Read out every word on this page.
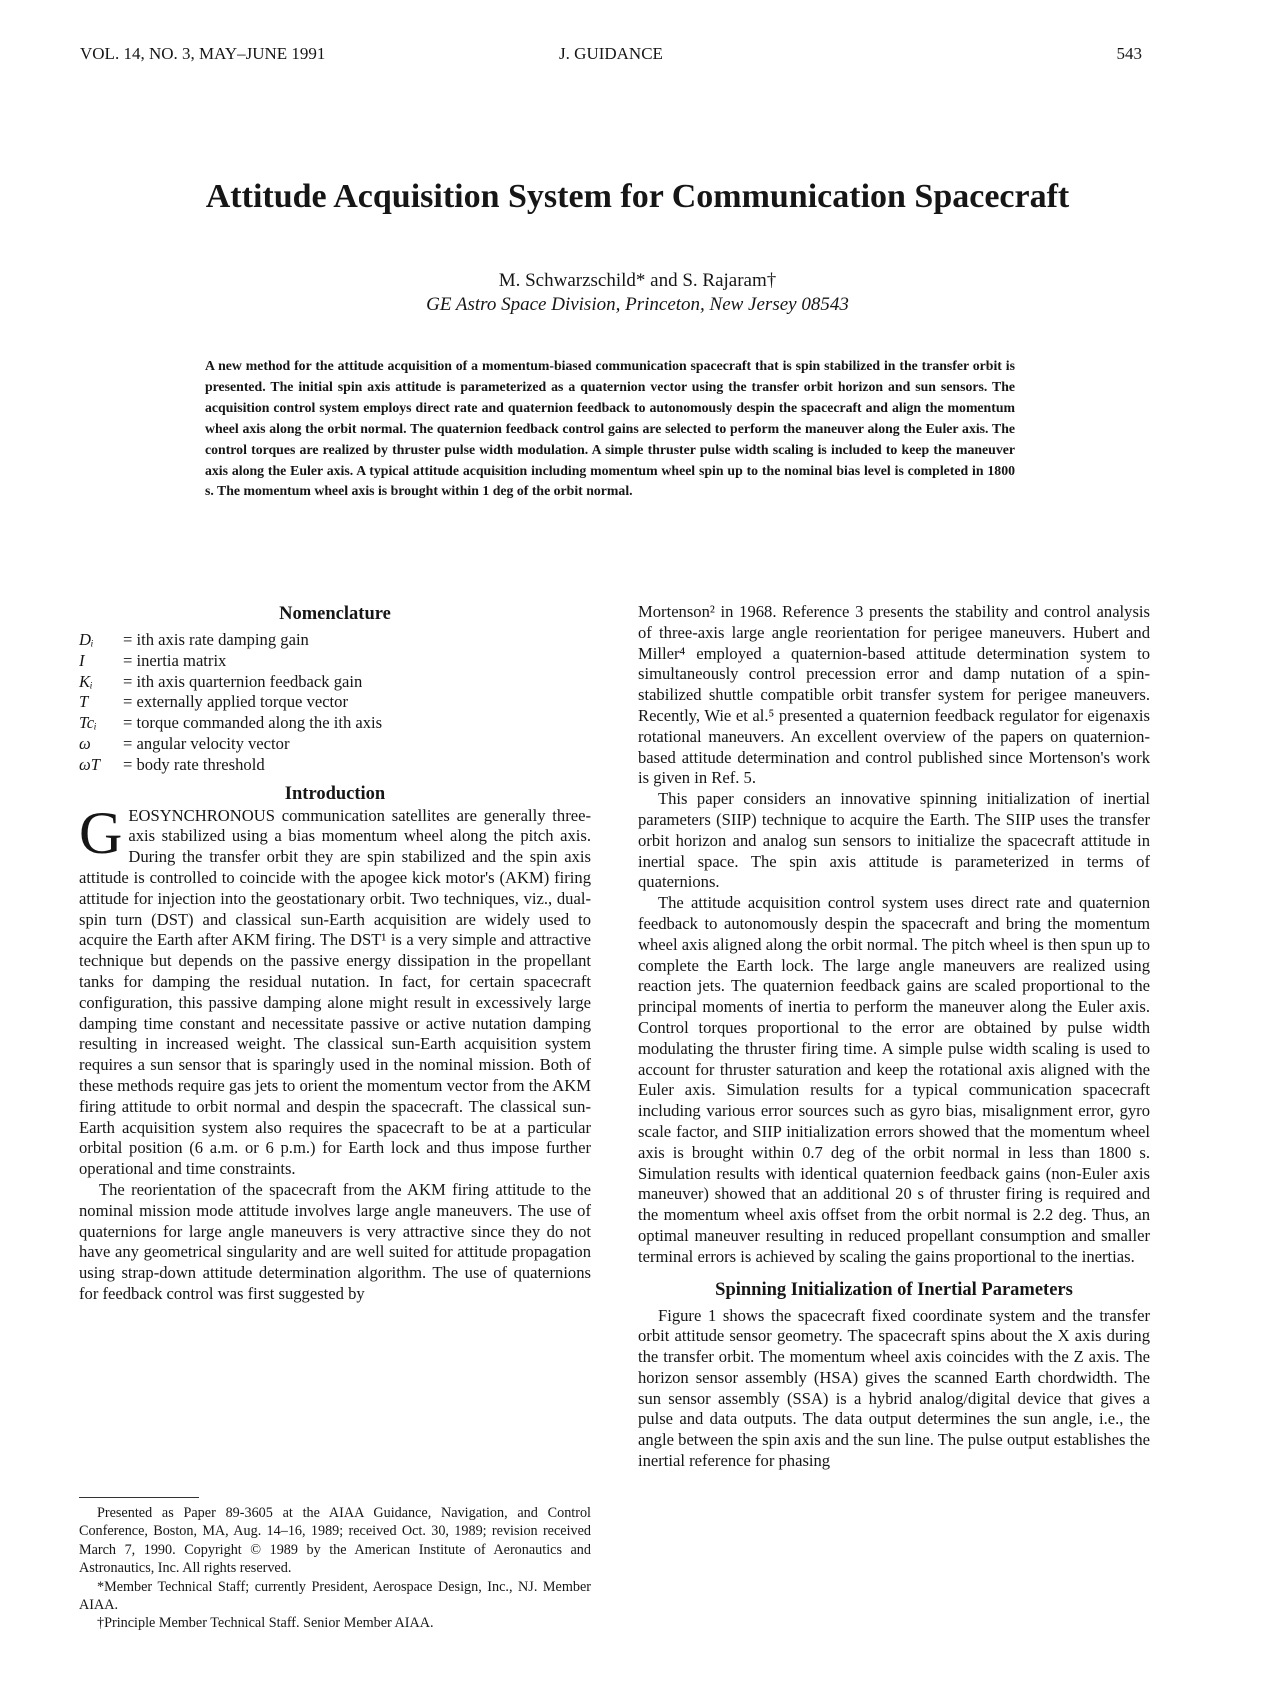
VOL. 14, NO. 3, MAY–JUNE 1991	J. GUIDANCE	543
Attitude Acquisition System for Communication Spacecraft
M. Schwarzschild* and S. Rajaram†
GE Astro Space Division, Princeton, New Jersey 08543

A new method for the attitude acquisition of a momentum-biased communication spacecraft that is spin stabilized in the transfer orbit is presented. The initial spin axis attitude is parameterized as a quaternion vector using the transfer orbit horizon and sun sensors. The acquisition control system employs direct rate and quaternion feedback to autonomously despin the spacecraft and align the momentum wheel axis along the orbit normal. The quaternion feedback control gains are selected to perform the maneuver along the Euler axis. The control torques are realized by thruster pulse width modulation. A simple thruster pulse width scaling is included to keep the maneuver axis along the Euler axis. A typical attitude acquisition including momentum wheel spin up to the nominal bias level is completed in 1800 s. The momentum wheel axis is brought within 1 deg of the orbit normal.

Nomenclature
Dᵢ = ith axis rate damping gain
I = inertia matrix
Kᵢ = ith axis quarternion feedback gain
T = externally applied torque vector
Tcᵢ = torque commanded along the ith axis
ω = angular velocity vector
ωT = body rate threshold
Introduction

GEOSYNCHRONOUS communication satellites are generally three-axis stabilized using a bias momentum wheel along the pitch axis. During the transfer orbit they are spin stabilized and the spin axis attitude is controlled to coincide with the apogee kick motor's (AKM) firing attitude for injection into the geostationary orbit. Two techniques, viz., dual-spin turn (DST) and classical sun-Earth acquisition are widely used to acquire the Earth after AKM firing. The DST¹ is a very simple and attractive technique but depends on the passive energy dissipation in the propellant tanks for damping the residual nutation. In fact, for certain spacecraft configuration, this passive damping alone might result in excessively large damping time constant and necessitate passive or active nutation damping resulting in increased weight. The classical sun-Earth acquisition system requires a sun sensor that is sparingly used in the nominal mission. Both of these methods require gas jets to orient the momentum vector from the AKM firing attitude to orbit normal and despin the spacecraft. The classical sun-Earth acquisition system also requires the spacecraft to be at a particular orbital position (6 a.m. or 6 p.m.) for Earth lock and thus impose further operational and time constraints.

The reorientation of the spacecraft from the AKM firing attitude to the nominal mission mode attitude involves large angle maneuvers. The use of quaternions for large angle maneuvers is very attractive since they do not have any geometrical singularity and are well suited for attitude propagation using strap-down attitude determination algorithm. The use of quaternions for feedback control was first suggested by

Mortenson² in 1968. Reference 3 presents the stability and control analysis of three-axis large angle reorientation for perigee maneuvers. Hubert and Miller⁴ employed a quaternion-based attitude determination system to simultaneously control precession error and damp nutation of a spin-stabilized shuttle compatible orbit transfer system for perigee maneuvers. Recently, Wie et al.⁵ presented a quaternion feedback regulator for eigenaxis rotational maneuvers. An excellent overview of the papers on quaternion-based attitude determination and control published since Mortenson's work is given in Ref. 5.

This paper considers an innovative spinning initialization of inertial parameters (SIIP) technique to acquire the Earth. The SIIP uses the transfer orbit horizon and analog sun sensors to initialize the spacecraft attitude in inertial space. The spin axis attitude is parameterized in terms of quaternions.

The attitude acquisition control system uses direct rate and quaternion feedback to autonomously despin the spacecraft and bring the momentum wheel axis aligned along the orbit normal. The pitch wheel is then spun up to complete the Earth lock. The large angle maneuvers are realized using reaction jets. The quaternion feedback gains are scaled proportional to the principal moments of inertia to perform the maneuver along the Euler axis. Control torques proportional to the error are obtained by pulse width modulating the thruster firing time. A simple pulse width scaling is used to account for thruster saturation and keep the rotational axis aligned with the Euler axis. Simulation results for a typical communication spacecraft including various error sources such as gyro bias, misalignment error, gyro scale factor, and SIIP initialization errors showed that the momentum wheel axis is brought within 0.7 deg of the orbit normal in less than 1800 s. Simulation results with identical quaternion feedback gains (non-Euler axis maneuver) showed that an additional 20 s of thruster firing is required and the momentum wheel axis offset from the orbit normal is 2.2 deg. Thus, an optimal maneuver resulting in reduced propellant consumption and smaller terminal errors is achieved by scaling the gains proportional to the inertias.

Spinning Initialization of Inertial Parameters

Figure 1 shows the spacecraft fixed coordinate system and the transfer orbit attitude sensor geometry. The spacecraft spins about the X axis during the transfer orbit. The momentum wheel axis coincides with the Z axis. The horizon sensor assembly (HSA) gives the scanned Earth chordwidth. The sun sensor assembly (SSA) is a hybrid analog/digital device that gives a pulse and data outputs. The data output determines the sun angle, i.e., the angle between the spin axis and the sun line. The pulse output establishes the inertial reference for phasing

Presented as Paper 89-3605 at the AIAA Guidance, Navigation, and Control Conference, Boston, MA, Aug. 14–16, 1989; received Oct. 30, 1989; revision received March 7, 1990. Copyright © 1989 by the American Institute of Aeronautics and Astronautics, Inc. All rights reserved.

*Member Technical Staff; currently President, Aerospace Design, Inc., NJ. Member AIAA.

†Principle Member Technical Staff. Senior Member AIAA.
